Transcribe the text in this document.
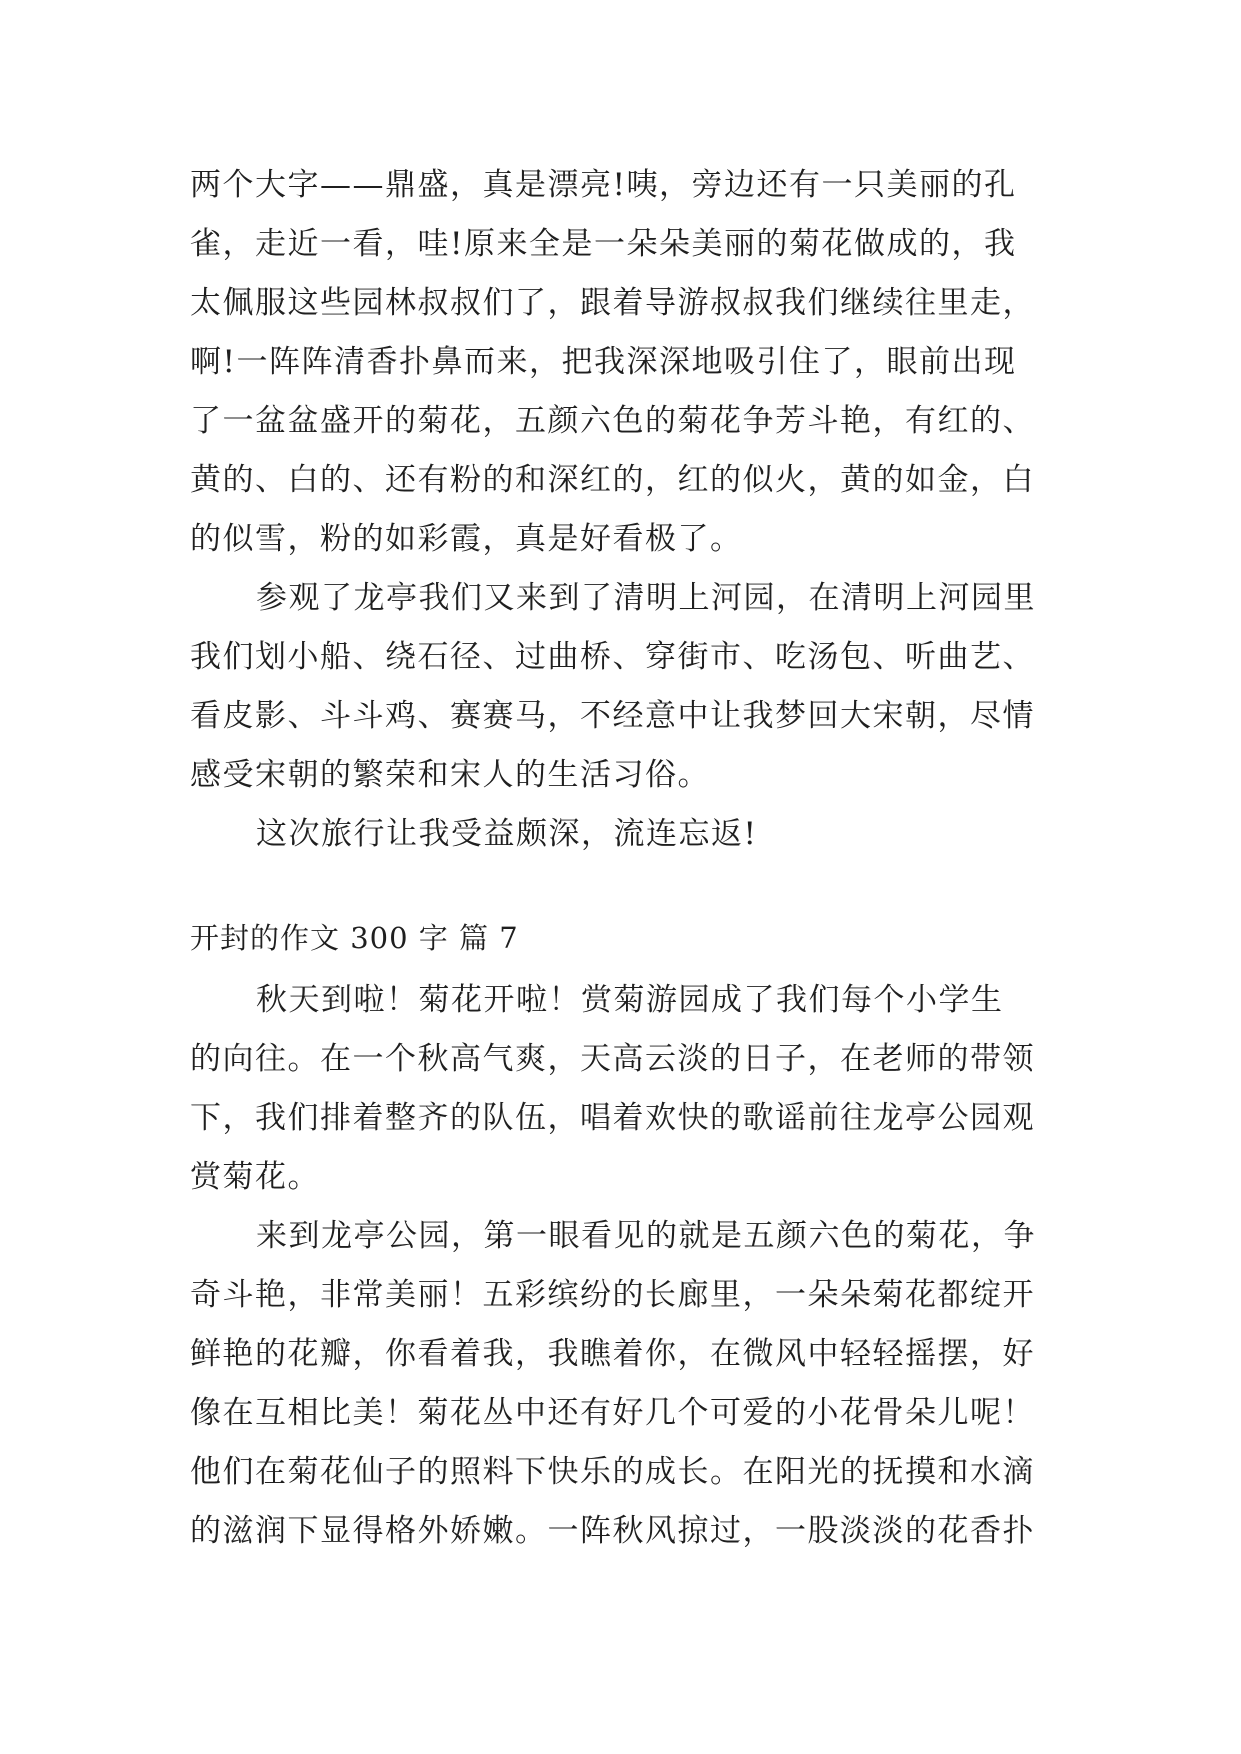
两个大字——鼎盛，真是漂亮!咦，旁边还有一只美丽的孔
雀，走近一看，哇!原来全是一朵朵美丽的菊花做成的，我
太佩服这些园林叔叔们了，跟着导游叔叔我们继续往里走，
啊!一阵阵清香扑鼻而来，把我深深地吸引住了，眼前出现
了一盆盆盛开的菊花，五颜六色的菊花争芳斗艳，有红的、
黄的、白的、还有粉的和深红的，红的似火，黄的如金，白
的似雪，粉的如彩霞，真是好看极了。
参观了龙亭我们又来到了清明上河园，在清明上河园里
我们划小船、绕石径、过曲桥、穿街市、吃汤包、听曲艺、
看皮影、斗斗鸡、赛赛马，不经意中让我梦回大宋朝，尽情
感受宋朝的繁荣和宋人的生活习俗。
这次旅行让我受益颇深，流连忘返!
开封的作文 300 字 篇 7
秋天到啦！菊花开啦！赏菊游园成了我们每个小学生
的向往。在一个秋高气爽，天高云淡的日子，在老师的带领
下，我们排着整齐的队伍，唱着欢快的歌谣前往龙亭公园观
赏菊花。
来到龙亭公园，第一眼看见的就是五颜六色的菊花，争
奇斗艳，非常美丽！五彩缤纷的长廊里，一朵朵菊花都绽开
鲜艳的花瓣，你看着我，我瞧着你，在微风中轻轻摇摆，好
像在互相比美！菊花丛中还有好几个可爱的小花骨朵儿呢！
他们在菊花仙子的照料下快乐的成长。在阳光的抚摸和水滴
的滋润下显得格外娇嫩。一阵秋风掠过，一股淡淡的花香扑
